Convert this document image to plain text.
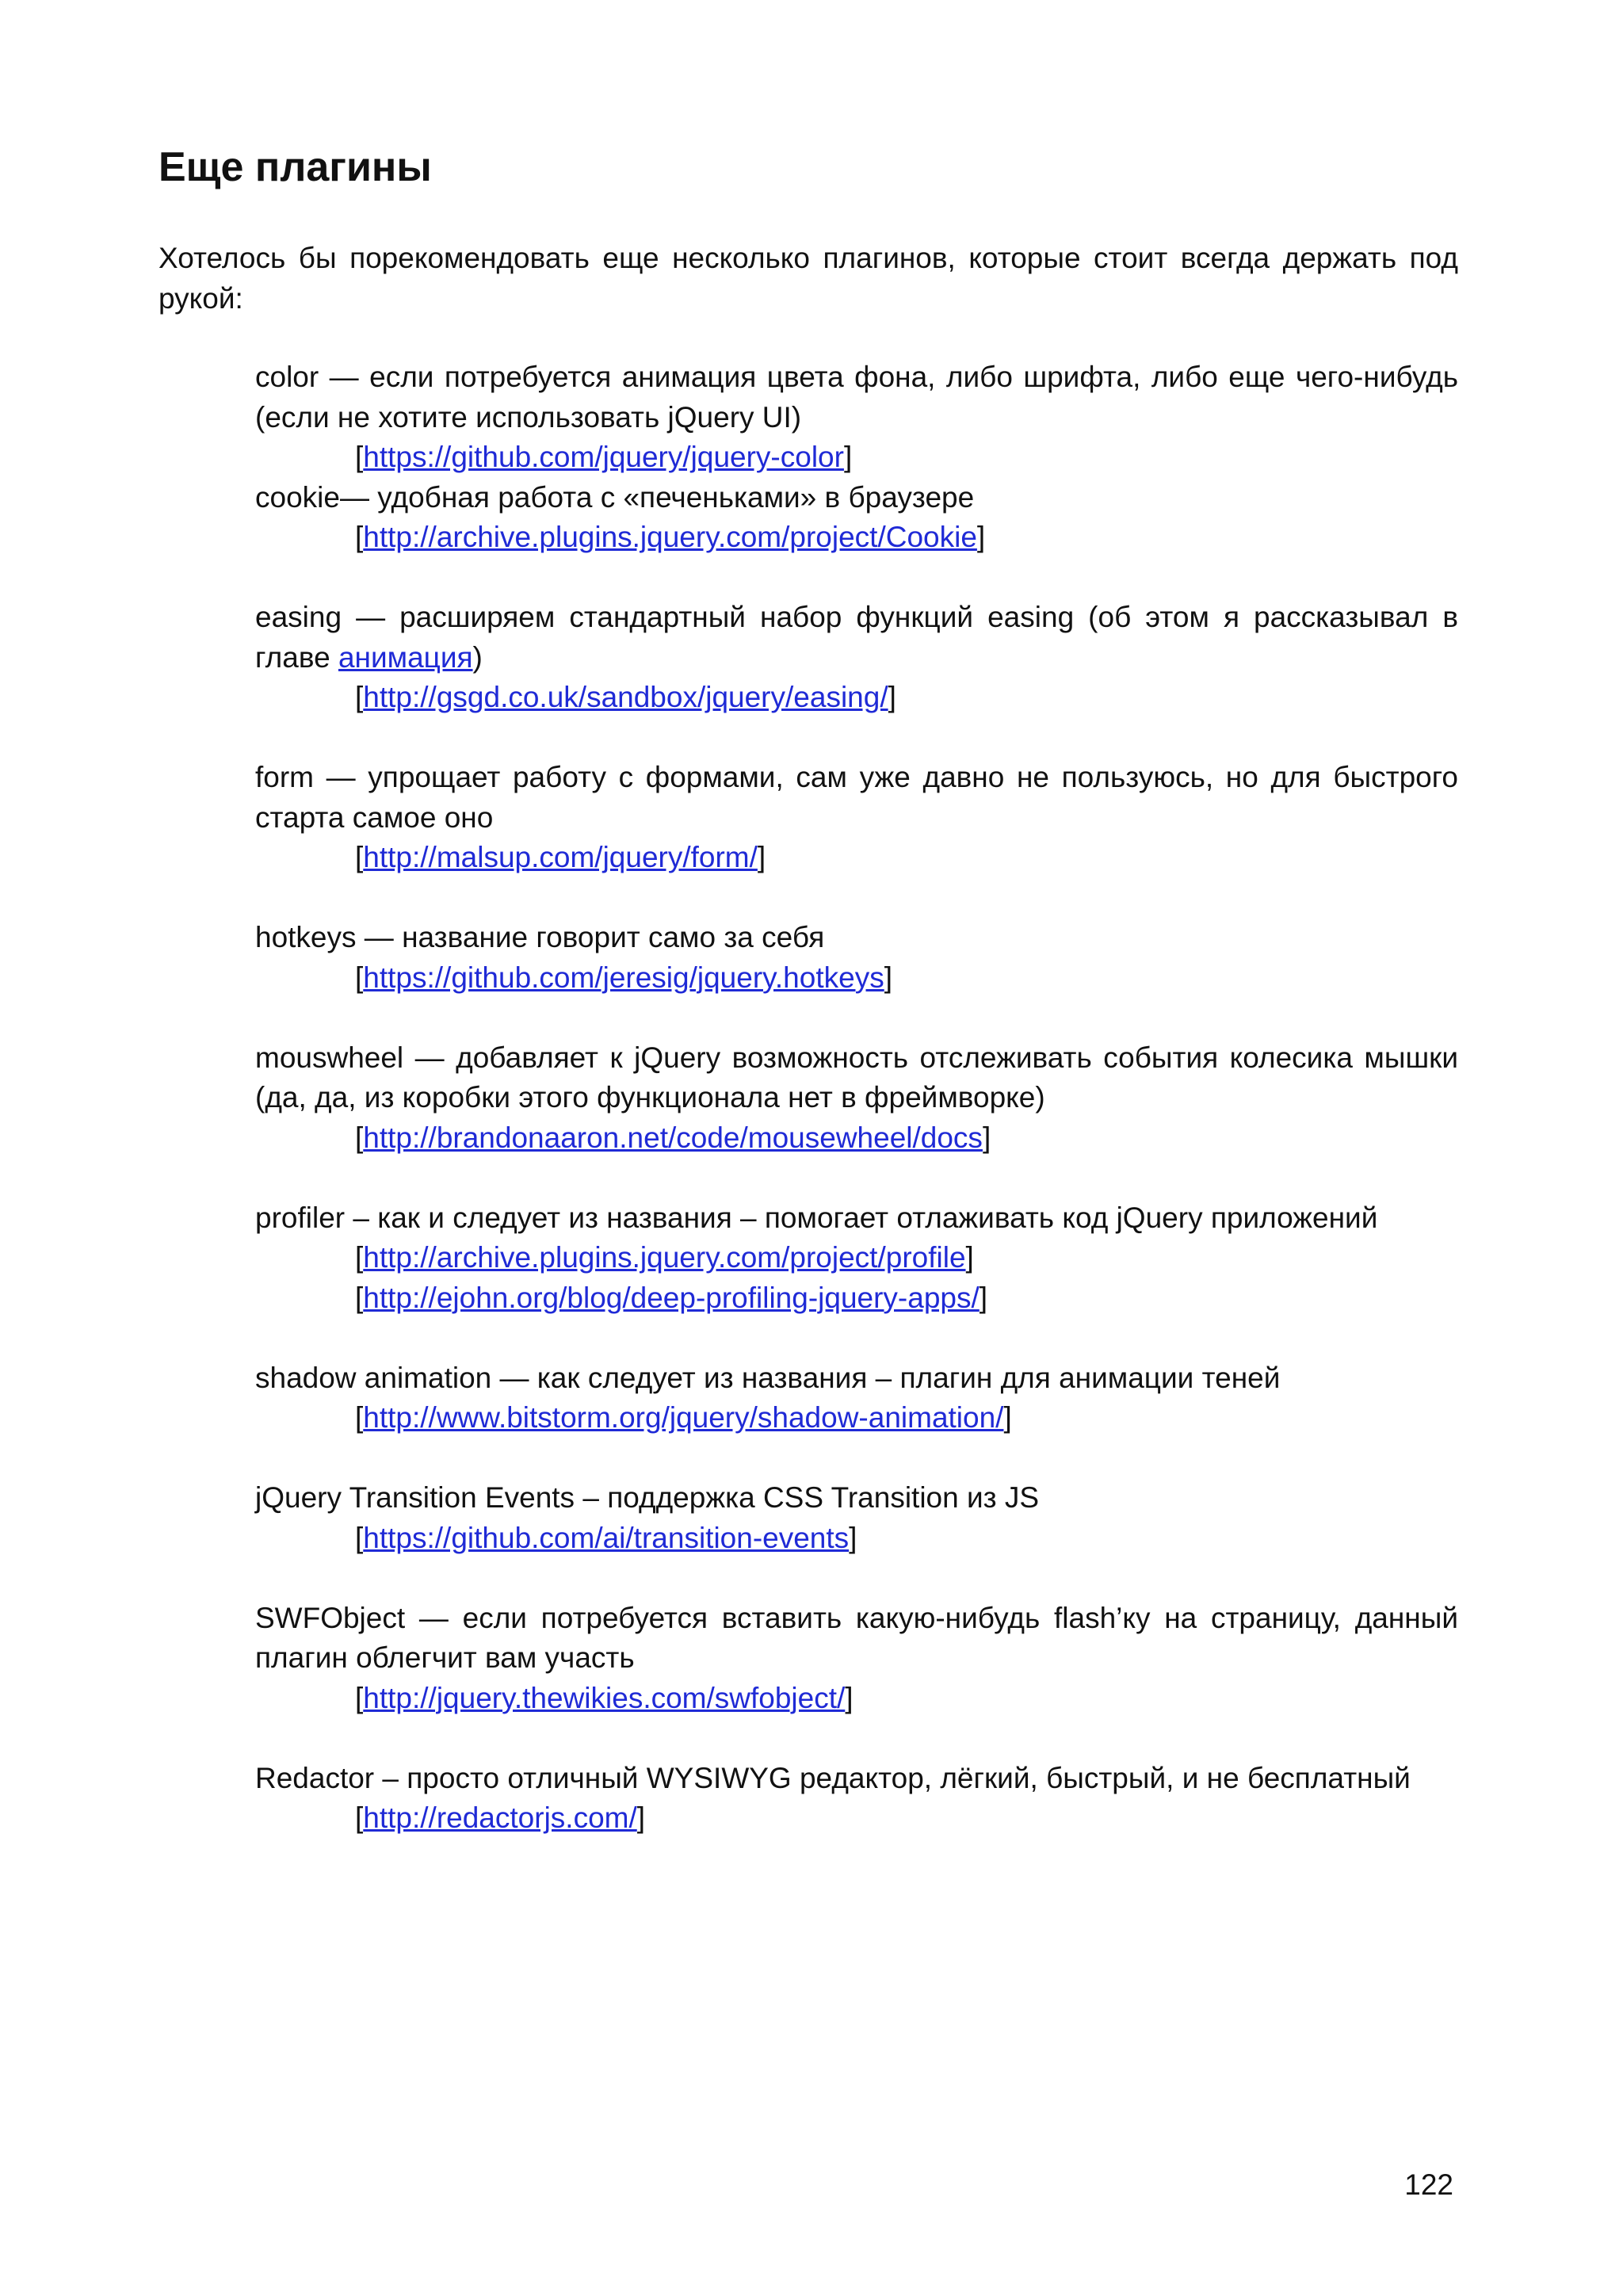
Еще плагины

Хотелось бы порекомендовать еще несколько плагинов, которые стоит всегда держать под рукой:

color — если потребуется анимация цвета фона, либо шрифта, либо еще чего-нибудь (если не хотите использовать jQuery UI)

[https://github.com/jquery/jquery-color]

cookie— удобная работа с «печеньками» в браузере

[http://archive.plugins.jquery.com/project/Cookie]

easing — расширяем стандартный набор функций easing (об этом я рассказывал в главе анимация)

[http://gsgd.co.uk/sandbox/jquery/easing/]

form — упрощает работу с формами, сам уже давно не пользуюсь, но для быстрого старта самое оно

[http://malsup.com/jquery/form/]

hotkeys — название говорит само за себя

[https://github.com/jeresig/jquery.hotkeys]

mouswheel — добавляет к jQuery возможность отслеживать события колесика мышки (да, да, из коробки этого функционала нет в фреймворке)

[http://brandonaaron.net/code/mousewheel/docs]

profiler – как и следует из названия – помогает отлаживать код jQuery приложений

[http://archive.plugins.jquery.com/project/profile]

[http://ejohn.org/blog/deep-profiling-jquery-apps/]

shadow animation — как следует из названия – плагин для анимации теней

[http://www.bitstorm.org/jquery/shadow-animation/]

jQuery Transition Events – поддержка CSS Transition из JS

[https://github.com/ai/transition-events]

SWFObject — если потребуется вставить какую-нибудь flash’ку на страницу, данный плагин облегчит вам участь

[http://jquery.thewikies.com/swfobject/]

Redactor – просто отличный WYSIWYG редактор, лёгкий, быстрый, и не бесплатный

[http://redactorjs.com/]

122
